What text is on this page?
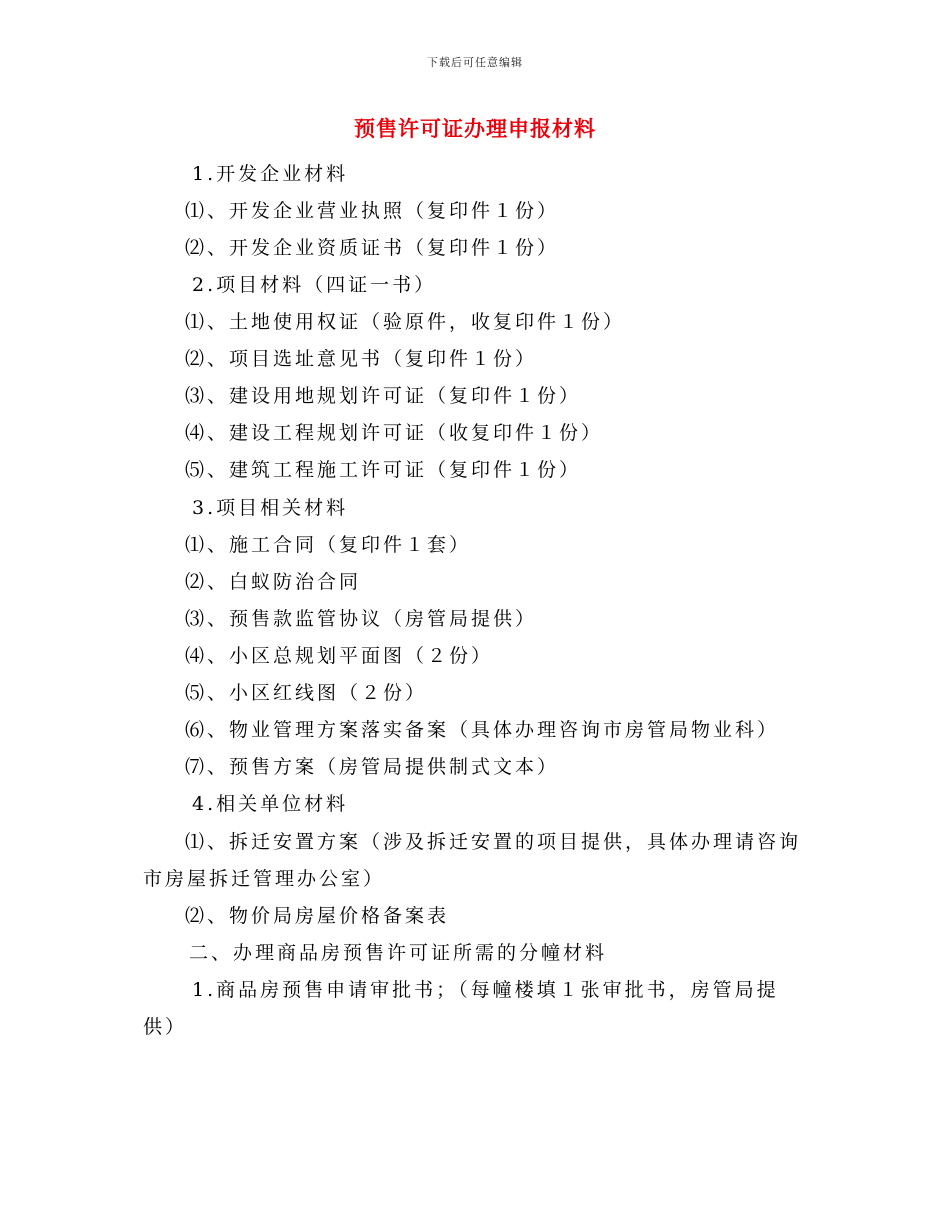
下载后可任意编辑
预售许可证办理申报材料
1.开发企业材料
⑴、开发企业营业执照（复印件１份）
⑵、开发企业资质证书（复印件１份）
2.项目材料（四证一书）
⑴、土地使用权证（验原件，收复印件１份）
⑵、项目选址意见书（复印件１份）
⑶、建设用地规划许可证（复印件１份）
⑷、建设工程规划许可证（收复印件１份）
⑸、建筑工程施工许可证（复印件１份）
3.项目相关材料
⑴、施工合同（复印件１套）
⑵、白蚁防治合同
⑶、预售款监管协议（房管局提供）
⑷、小区总规划平面图（２份）
⑸、小区红线图（２份）
⑹、物业管理方案落实备案（具体办理咨询市房管局物业科）
⑺、预售方案（房管局提供制式文本）
4.相关单位材料
⑴、拆迁安置方案（涉及拆迁安置的项目提供，具体办理请咨询
市房屋拆迁管理办公室）
⑵、物价局房屋价格备案表
二、办理商品房预售许可证所需的分幢材料
1.商品房预售申请审批书；（每幢楼填１张审批书，房管局提
供）
